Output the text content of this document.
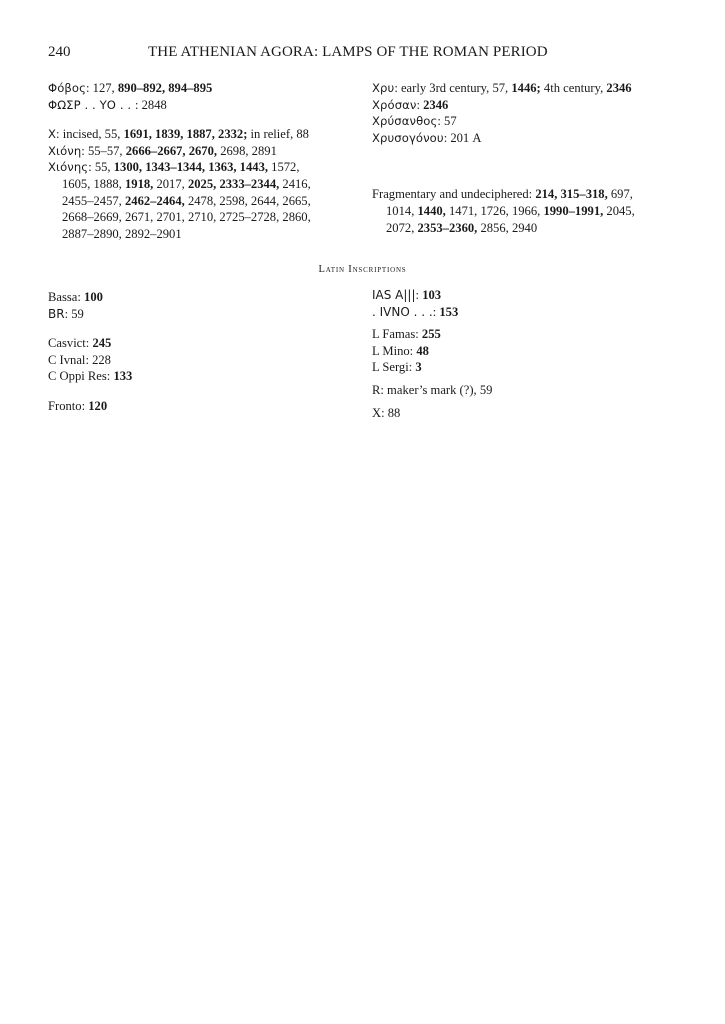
240	THE ATHENIAN AGORA: LAMPS OF THE ROMAN PERIOD
Φόβος: 127, 890–892, 894–895
ΦΩΣΡ . . ΥΟ . . : 2848
Χ: incised, 55, 1691, 1839, 1887, 2332; in relief, 88
Χιόνη: 55–57, 2666–2667, 2670, 2698, 2891
Χιόνης: 55, 1300, 1343–1344, 1363, 1443, 1572,
1605, 1888, 1918, 2017, 2025, 2333–2344, 2416,
2455–2457, 2462–2464, 2478, 2598, 2644, 2665,
2668–2669, 2671, 2701, 2710, 2725–2728, 2860,
2887–2890, 2892–2901
Χρυ: early 3rd century, 57, 1446; 4th century, 2346
Χρόσαν: 2346
Χρύσανθος: 57
Χρυσογόνου: 201 A
Fragmentary and undeciphered: 214, 315–318, 697,
1014, 1440, 1471, 1726, 1966, 1990–1991, 2045,
2072, 2353–2360, 2856, 2940
Latin Inscriptions
Bassa: 100
BR: 59
Casvict: 245
C Ivnal: 228
C Oppi Res: 133
Fronto: 120
IAS A|||: 103
. IVNO . . .: 153
L Famas: 255
L Mino: 48
L Sergi: 3
R: maker’s mark (?), 59
X: 88
